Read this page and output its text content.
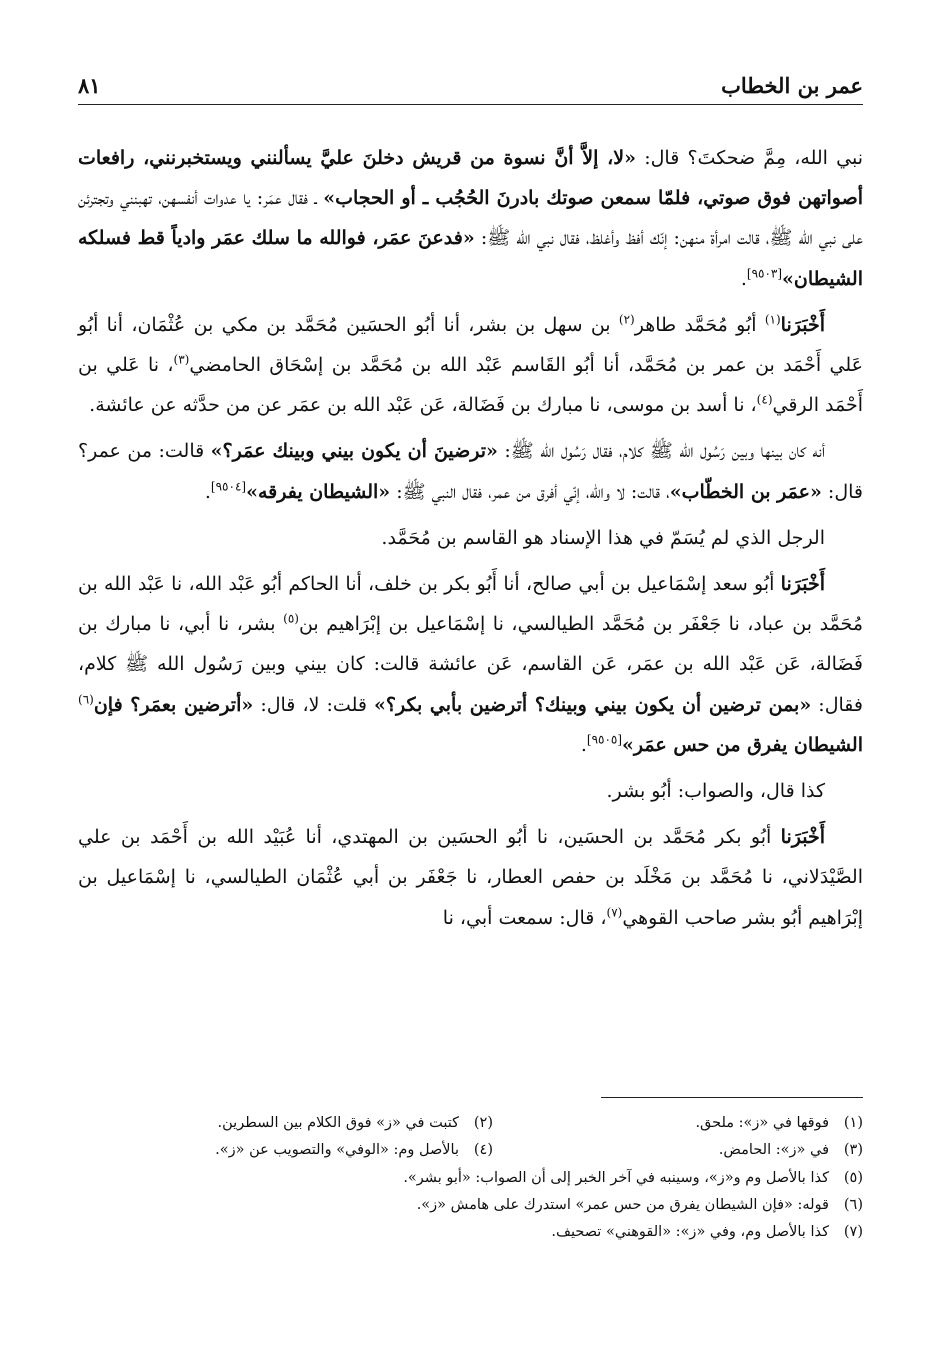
عمر بن الخطاب
٨١

نبي الله، مِمَّ ضحكتَ؟ قال: «لا، إلاَّ أنَّ نسوة من قريش دخلنَ عليَّ يسألنني ويستخبرنني، رافعات أصواتهن فوق صوتي، فلمّا سمعن صوتك بادرنَ الحُجُب ـ أو الحجاب» ـ فقال عمَر: يا عدوات أنفسهن، تهبنني وتجترئن على نبي الله ﷺ، قالت امرأة منهن: إنّك أفظ وأغلظ، فقال نبي الله ﷺ: «فدعنَ عمَر، فوالله ما سلك عمَر وادياً قط فسلكه الشيطان»[٩٥٠٣].

أَخْبَرَنا$^{(١)}$ أبُو مُحَمَّد طاهر$^{(٢)}$ بن سهل بن بشر، أنا أبُو الحسَين مُحَمَّد بن مكي بن عُثْمَان، أنا أبُو عَلي أَحْمَد بن عمر بن مُحَمَّد، أنا أبُو القَاسم عَبْد الله بن مُحَمَّد بن إسْحَاق الحامضي$^{(٣)}$، نا عَلي بن أَحْمَد الرقي$^{(٤)}$، نا أسد بن موسى، نا مبارك بن فَضَالة، عَن عَبْد الله بن عمَر عن من حدَّثه عن عائشة.

أنه كان بينها وبين رَسُول الله ﷺ كلام، فقال رَسُول الله ﷺ: «ترضينَ أن يكون بيني وبينك عمَر؟» قالت: من عمر؟ قال: «عمَر بن الخطّاب»، قالت: لا والله، إنّي أفرق من عمر، فقال النبي ﷺ: «الشيطان يفرقه»[٩٥٠٤].

الرجل الذي لم يُسَمّ في هذا الإسناد هو القاسم بن مُحَمَّد.

أَخْبَرَنا أبُو سعد إسْمَاعيل بن أبي صالح، أنا أَبُو بكر بن خلف، أنا الحاكم أبُو عَبْد الله، نا عَبْد الله بن مُحَمَّد بن عباد، نا جَعْفَر بن مُحَمَّد الطيالسي، نا إسْمَاعيل بن إبْرَاهيم بن$^{(٥)}$ بشر، نا أبي، نا مبارك بن فَضَالة، عَن عَبْد الله بن عمَر، عَن القاسم، عَن عائشة قالت: كان بيني وبين رَسُول الله ﷺ كلام، فقال: «بمن ترضين أن يكون بيني وبينك؟ أترضين بأبي بكر؟» قلت: لا، قال: «أترضين بعمَر؟ فإن$^{(٦)}$ الشيطان يفرق من حس عمَر»[٩٥٠٥].

كذا قال، والصواب: أبُو بشر.

أَخْبَرَنا أبُو بكر مُحَمَّد بن الحسَين، نا أبُو الحسَين بن المهتدي، أنا عُبَيْد الله بن أَحْمَد بن علي الصَّيْدَلاني، نا مُحَمَّد بن مَخْلَد بن حفص العطار، نا جَعْفَر بن أبي عُثْمَان الطيالسي، نا إسْمَاعيل بن إبْرَاهيم أبُو بشر صاحب القوهي$^{(٧)}$، قال: سمعت أبي، نا

(١)فوقها في «ز»: ملحق.
(٢)كتبت في «ز» فوق الكلام بين السطرين.
(٣)في «ز»: الحامض.
(٤)بالأصل وم: «الوفي» والتصويب عن «ز».
(٥)كذا بالأصل وم و«ز»، وسينبه في آخر الخبر إلى أن الصواب: «أبو بشر».
(٦)قوله: «فإن الشيطان يفرق من حس عمر» استدرك على هامش «ز».
(٧)كذا بالأصل وم، وفي «ز»: «القوهني» تصحيف.
